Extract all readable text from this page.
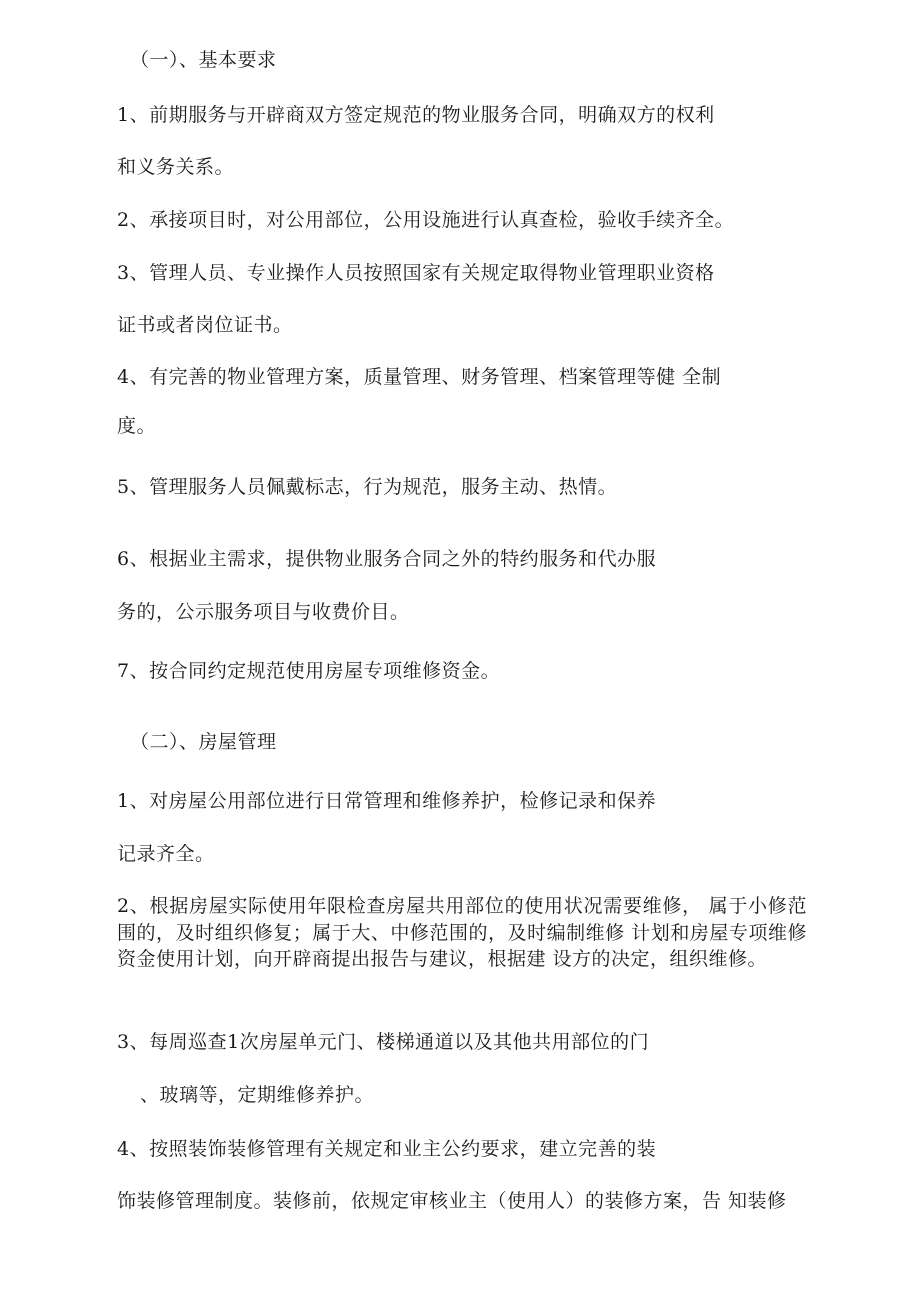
（一）、基本要求
1、前期服务与开辟商双方签定规范的物业服务合同，明确双方的权利
和义务关系。
2、承接项目时，对公用部位，公用设施进行认真查检，验收手续齐全。
3、管理人员、专业操作人员按照国家有关规定取得物业管理职业资格
证书或者岗位证书。
4、有完善的物业管理方案，质量管理、财务管理、档案管理等健 全制
度。
5、管理服务人员佩戴标志，行为规范，服务主动、热情。
6、根据业主需求，提供物业服务合同之外的特约服务和代办服
务的，公示服务项目与收费价目。
7、按合同约定规范使用房屋专项维修资金。
（二）、房屋管理
1、对房屋公用部位进行日常管理和维修养护，检修记录和保养
记录齐全。
2、根据房屋实际使用年限检查房屋共用部位的使用状况需要维修， 属于小修范围的，及时组织修复；属于大、中修范围的，及时编制维修 计划和房屋专项维修资金使用计划，向开辟商提出报告与建议，根据建 设方的决定，组织维修。
3、每周巡查1次房屋单元门、楼梯通道以及其他共用部位的门
、玻璃等，定期维修养护。
4、按照装饰装修管理有关规定和业主公约要求，建立完善的装
饰装修管理制度。装修前，依规定审核业主（使用人）的装修方案，告 知装修
